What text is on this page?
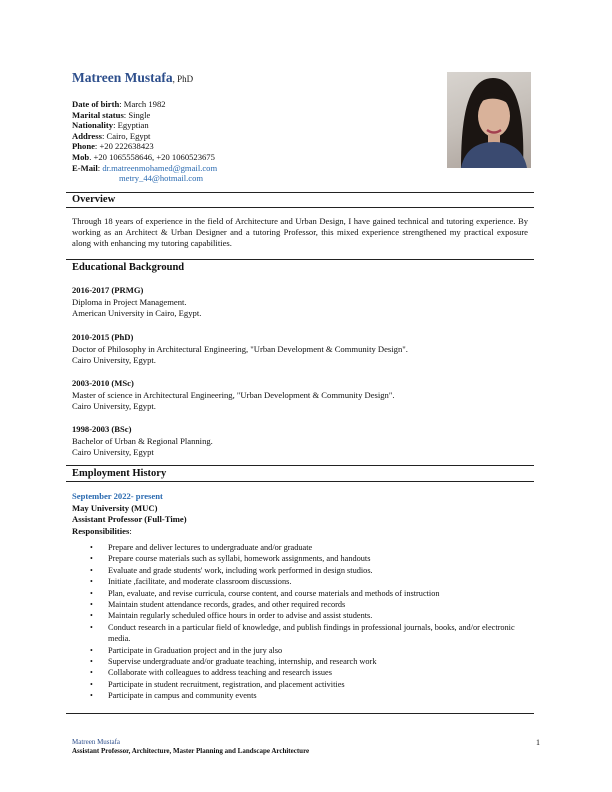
Matreen Mustafa, PhD
Date of birth: March 1982
Marital status: Single
Nationality: Egyptian
Address: Cairo, Egypt
Phone: +20 222638423
Mob. +20 1065558646, +20 1060523675
E-Mail: dr.matreenmohamed@gmail.com
metry_44@hotmail.com
Overview
Through 18 years of experience in the field of Architecture and Urban Design, I have gained technical and tutoring experience. By working as an Architect & Urban Designer and a tutoring Professor, this mixed experience strengthened my practical exposure along with enhancing my tutoring capabilities.
Educational Background
2016-2017 (PRMG)
Diploma in Project Management.
American University in Cairo, Egypt.
2010-2015 (PhD)
Doctor of Philosophy in Architectural Engineering, "Urban Development & Community Design".
Cairo University, Egypt.
2003-2010 (MSc)
Master of science in Architectural Engineering, "Urban Development & Community Design".
Cairo University, Egypt.
1998-2003 (BSc)
Bachelor of Urban & Regional Planning.
Cairo University, Egypt
Employment History
September 2022- present
May University (MUC)
Assistant Professor (Full-Time)
Responsibilities:
• Prepare and deliver lectures to undergraduate and/or graduate
• Prepare course materials such as syllabi, homework assignments, and handouts
• Evaluate and grade students' work, including work performed in design studios.
• Initiate ,facilitate, and moderate classroom discussions.
• Plan, evaluate, and revise curricula, course content, and course materials and methods of instruction
• Maintain student attendance records, grades, and other required records
• Maintain regularly scheduled office hours in order to advise and assist students.
• Conduct research in a particular field of knowledge, and publish findings in professional journals, books, and/or electronic media.
• Participate in Graduation project and in the jury also
• Supervise undergraduate and/or graduate teaching, internship, and research work
• Collaborate with colleagues to address teaching and research issues
• Participate in student recruitment, registration, and placement activities
• Participate in campus and community events
Matreen Mustafa
Assistant Professor, Architecture, Master Planning and Landscape Architecture
1
